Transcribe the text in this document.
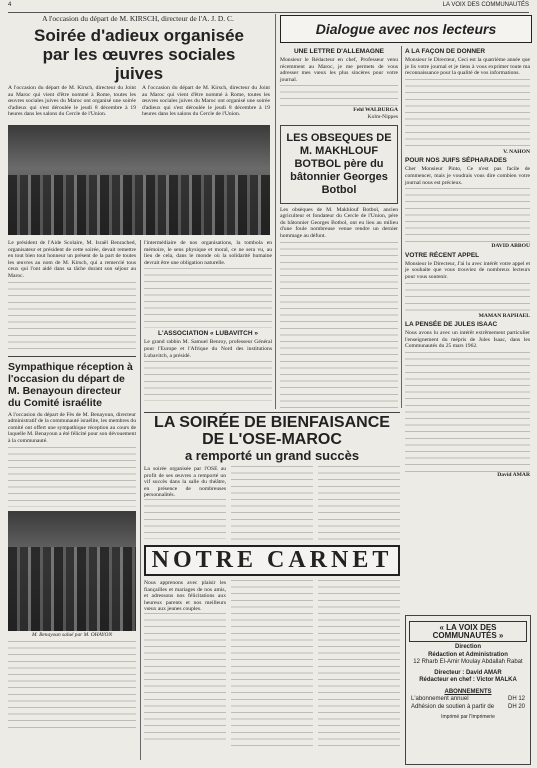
4	LA VOIX DES COMMUNAUTÉS

A l'occasion du départ de M. KIRSCH, directeur de l'A. J. D. C.

Soirée d'adieux organisée par les œuvres sociales juives

A l'occasion du départ de M. Kirsch, directeur du Joint au Maroc qui vient d'être nommé à Rome, toutes les œuvres sociales juives du Maroc ont organisé une soirée d'adieux qui s'est déroulée le jeudi 8 décembre à 19 heures dans les salons du Cercle de l'Union.

A l'occasion du départ de M. Kirsch, directeur du Joint au Maroc qui vient d'être nommé à Rome, toutes les œuvres sociales juives du Maroc ont organisé une soirée d'adieux qui s'est déroulée le jeudi 8 décembre à 19 heures dans les salons du Cercle de l'Union.

Le président de l'Aide Scolaire, M. Israël Benrached, organisateur et président de cette soirée, devait remettre en tout bien tout honneur un présent de la part de toutes les œuvres au nom de M. Kirsch, qui a remercié tous ceux qui l'ont aidé dans sa tâche durant son séjour au Maroc.

Sympathique réception à l'occasion du départ de M. Benayoun directeur du Comité israélite

A l'occasion du départ de Fès de M. Benayoun, directeur administratif de la communauté israélite, les membres du comité ont offert une sympathique réception au cours de laquelle M. Benayoun a été félicité pour son dévouement à la communauté.

M. Benayoun salué par M. OHAYON

l'intermédiaire de nos organisations, la tombola en mémoire, le sens physique et moral, ce ne sera vu, au lieu de cela, dans le monde où la solidarité humaine devrait être une obligation naturelle.

L'ASSOCIATION « LUBAVITCH »

Le grand rabbin M. Samuel Benroy, professeur Général pour l'Europe et l'Afrique du Nord des institutions Lubavitch, a présidé.

Dialogue avec nos lecteurs

UNE LETTRE D'ALLEMAGNE

Monsieur le Rédacteur en chef, Professeur venu récemment au Maroc, je me permets de vous adresser mes vœux les plus sincères pour votre journal.

Fehl WALBURGA

Kolm-Nippes

LES OBSEQUES DE M. MAKHLOUF BOTBOL père du bâtonnier Georges Botbol

Les obsèques de M. Makhlouf Botbol, ancien agriculteur et fondateur du Cercle de l'Union, père du bâtonnier Georges Botbol, ont eu lieu au milieu d'une foule nombreuse venue rendre un dernier hommage au défunt.

A LA FAÇON DE DONNER

Monsieur le Directeur, Ceci est la quatrième année que je lis votre journal et je tiens à vous exprimer toute ma reconnaissance pour la qualité de vos informations.

V. NAHON

POUR NOS JUIFS SÉPHARADES

Cher Monsieur Pinto, Ce n'est pas facile de commencer, mais je voudrais vous dire combien votre journal nous est précieux.

DAVID ABBOU

VOTRE RÉCENT APPEL

Monsieur le Directeur, J'ai lu avec intérêt votre appel et je souhaite que vous trouviez de nombreux lecteurs pour vous soutenir.

MAMAN RAPHAEL

LA PENSÉE DE JULES ISAAC

Nous avons lu avec un intérêt extrêmement particulier l'enseignement du mépris de Jules Isaac, dans les Communautés du 25 mars 1962.

David AMAR

LA SOIRÉE DE BIENFAISANCE

DE L'OSE-MAROC

a remporté un grand succès

La soirée organisée par l'OSE au profit de ses œuvres a remporté un vif succès dans la salle du théâtre, en présence de nombreuses personnalités.

NOTRE CARNET

Nous apprenons avec plaisir les fiançailles et mariages de nos amis, et adressons nos félicitations aux heureux parents et nos meilleurs vœux aux jeunes couples.

« LA VOIX DES COMMUNAUTÉS »
Direction
Rédaction et Administration
12 Rharb El-Amir Moulay Abdallah Rabat
Directeur : David AMAR
Rédacteur en chef : Victor MALKA
ABONNEMENTS
L'abonnement annuel	DH 12
Adhésion de soutien à partir de	DH 20
Imprimé par l'Imprimerie
